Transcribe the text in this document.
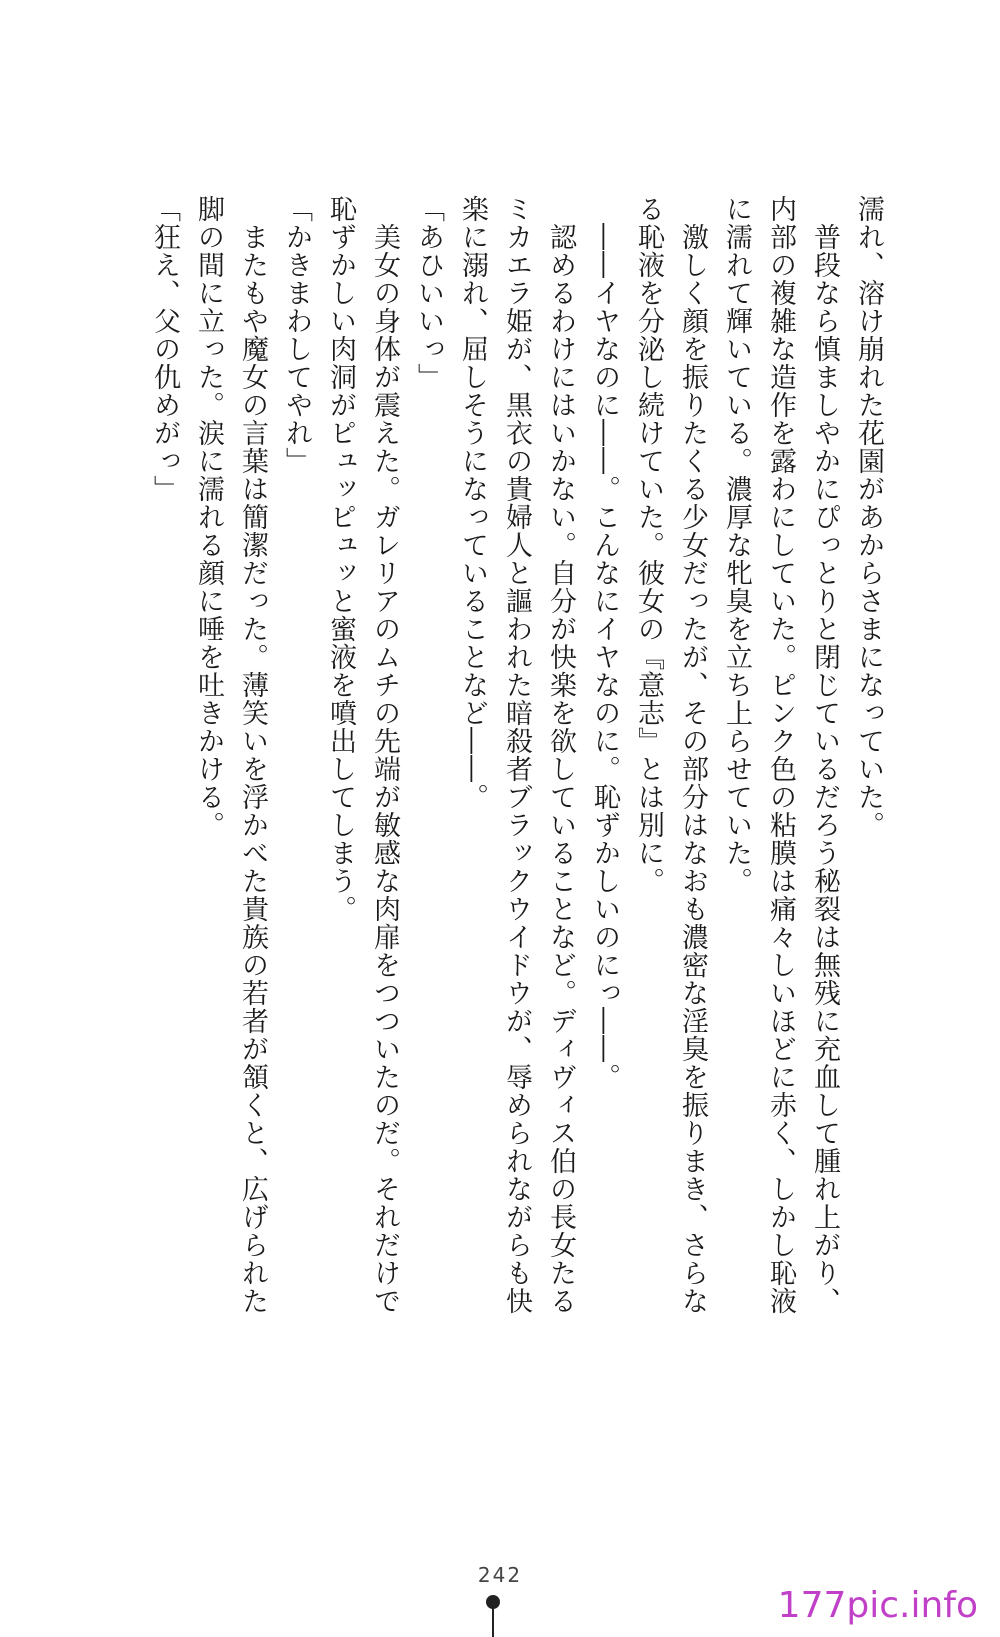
濡れ、溶け崩れた花園があからさまになっていた。

　普段なら慎ましやかにぴっとりと閉じているだろう秘裂は無残に充血して腫れ上がり、

内部の複雑な造作を露わにしていた。ピンク色の粘膜は痛々しいほどに赤く、しかし恥液

に濡れて輝いている。濃厚な牝臭を立ち上らせていた。

　激しく顔を振りたくる少女だったが、その部分はなおも濃密な淫臭を振りまき、さらな

る恥液を分泌し続けていた。彼女の『意志』とは別に。

　――イヤなのに――。こんなにイヤなのに。恥ずかしいのにっ――。

　認めるわけにはいかない。自分が快楽を欲していることなど。ディヴィス伯の長女たる

ミカエラ姫が、黒衣の貴婦人と謳われた暗殺者ブラックウイドウが、辱められながらも快

楽に溺れ、屈しそうになっていることなど――。

「あひいいっ」

　美女の身体が震えた。ガレリアのムチの先端が敏感な肉扉をつついたのだ。それだけで

恥ずかしい肉洞がピュッピュッと蜜液を噴出してしまう。

「かきまわしてやれ」

　またもや魔女の言葉は簡潔だった。薄笑いを浮かべた貴族の若者が頷くと、広げられた

脚の間に立った。涙に濡れる顔に唾を吐きかける。

「狂え、父の仇めがっ」

242
177pic.info
